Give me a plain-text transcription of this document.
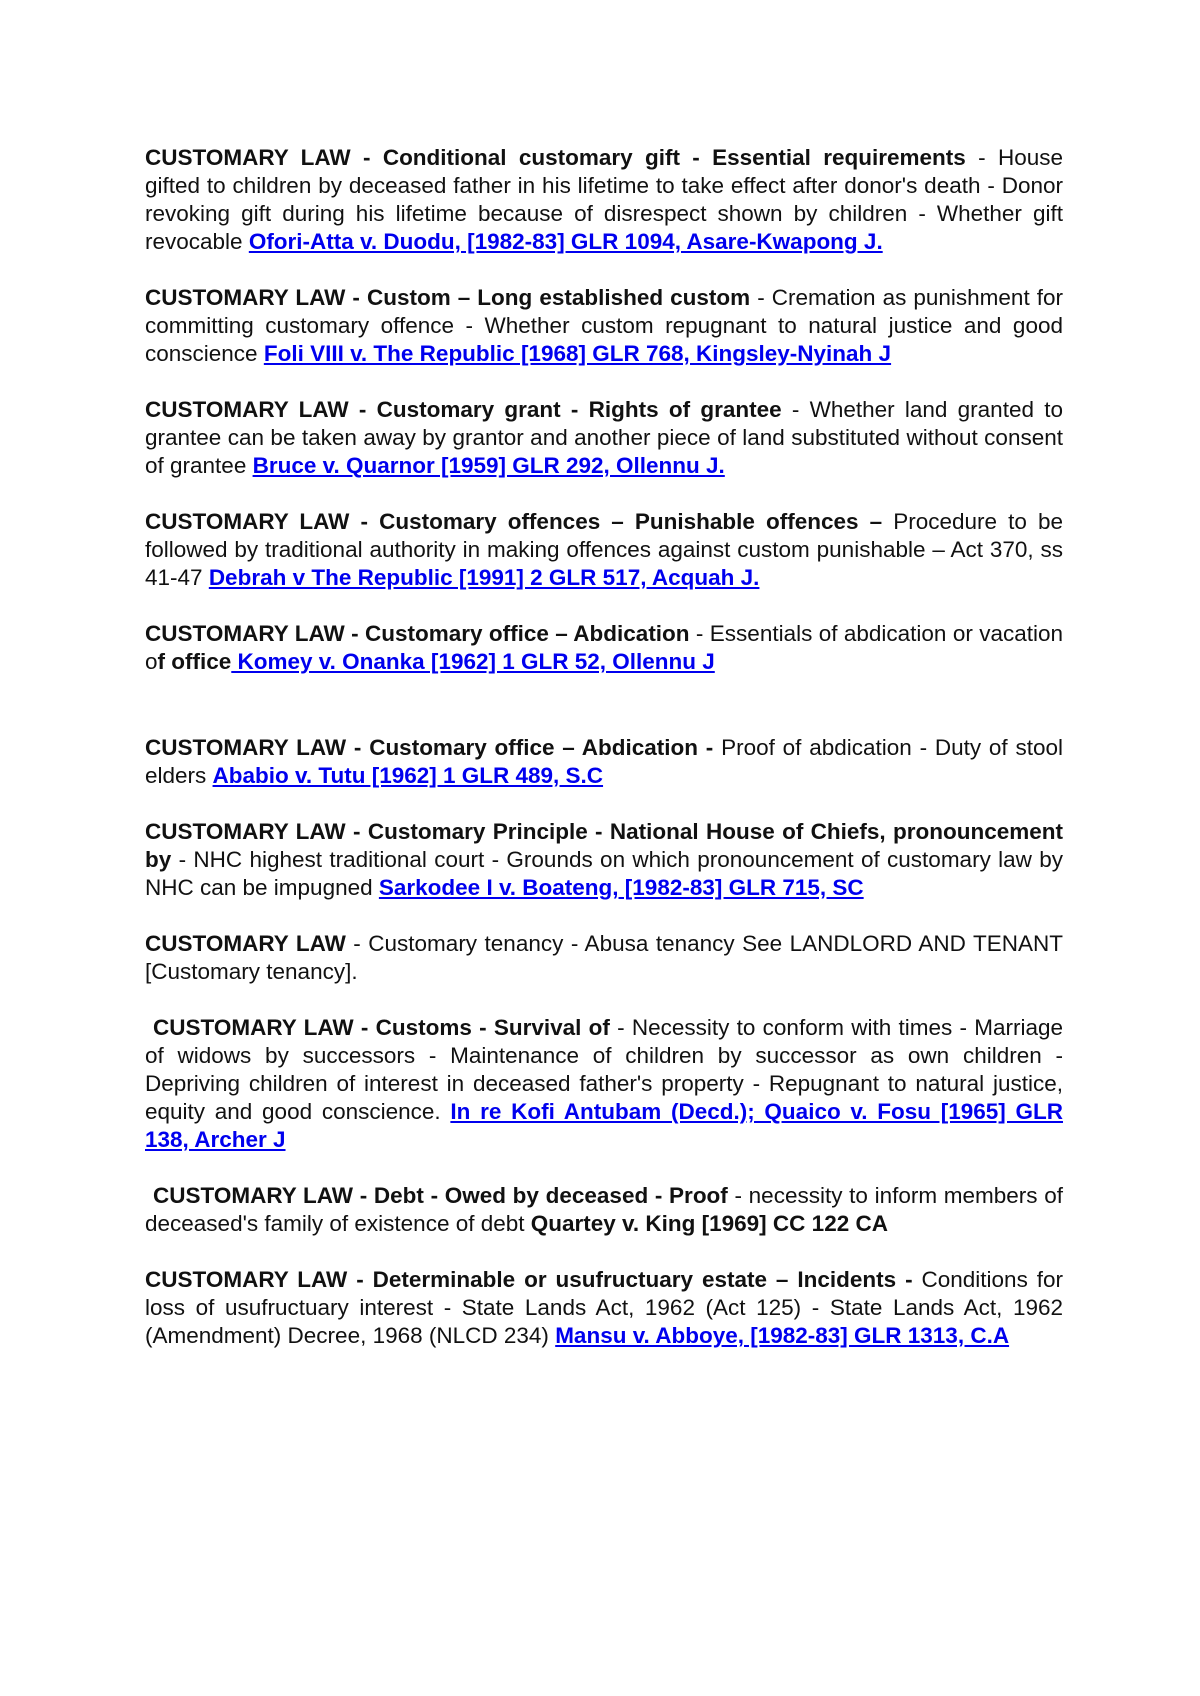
CUSTOMARY LAW - Conditional customary gift - Essential requirements - House gifted to children by deceased father in his lifetime to take effect after donor's death - Donor revoking gift during his lifetime because of disrespect shown by children - Whether gift revocable Ofori-Atta v. Duodu, [1982-83] GLR 1094, Asare-Kwapong J.

CUSTOMARY LAW - Custom – Long established custom - Cremation as punishment for committing customary offence - Whether custom repugnant to natural justice and good conscience Foli VIII v. The Republic [1968] GLR 768, Kingsley-Nyinah J

CUSTOMARY LAW - Customary grant - Rights of grantee - Whether land granted to grantee can be taken away by grantor and another piece of land substituted without consent of grantee Bruce v. Quarnor [1959] GLR 292, Ollennu J.

CUSTOMARY LAW - Customary offences – Punishable offences – Procedure to be followed by traditional authority in making offences against custom punishable – Act 370, ss 41-47 Debrah v The Republic [1991] 2 GLR 517, Acquah J.

CUSTOMARY LAW - Customary office – Abdication - Essentials of abdication or vacation of office Komey v. Onanka [1962] 1 GLR 52, Ollennu J

CUSTOMARY LAW - Customary office – Abdication - Proof of abdication - Duty of stool elders Ababio v. Tutu [1962] 1 GLR 489, S.C

CUSTOMARY LAW - Customary Principle - National House of Chiefs, pronouncement by - NHC highest traditional court - Grounds on which pronouncement of customary law by NHC can be impugned Sarkodee I v. Boateng, [1982-83] GLR 715, SC

CUSTOMARY LAW - Customary tenancy - Abusa tenancy See LANDLORD AND TENANT [Customary tenancy].

CUSTOMARY LAW - Customs - Survival of - Necessity to conform with times - Marriage of widows by successors - Maintenance of children by successor as own children - Depriving children of interest in deceased father's property - Repugnant to natural justice, equity and good conscience. In re Kofi Antubam (Decd.); Quaico v. Fosu [1965] GLR 138, Archer J

CUSTOMARY LAW - Debt - Owed by deceased - Proof - necessity to inform members of deceased's family of existence of debt Quartey v. King [1969] CC 122 CA

CUSTOMARY LAW - Determinable or usufructuary estate – Incidents - Conditions for loss of usufructuary interest - State Lands Act, 1962 (Act 125) - State Lands Act, 1962 (Amendment) Decree, 1968 (NLCD 234) Mansu v. Abboye, [1982-83] GLR 1313, C.A
